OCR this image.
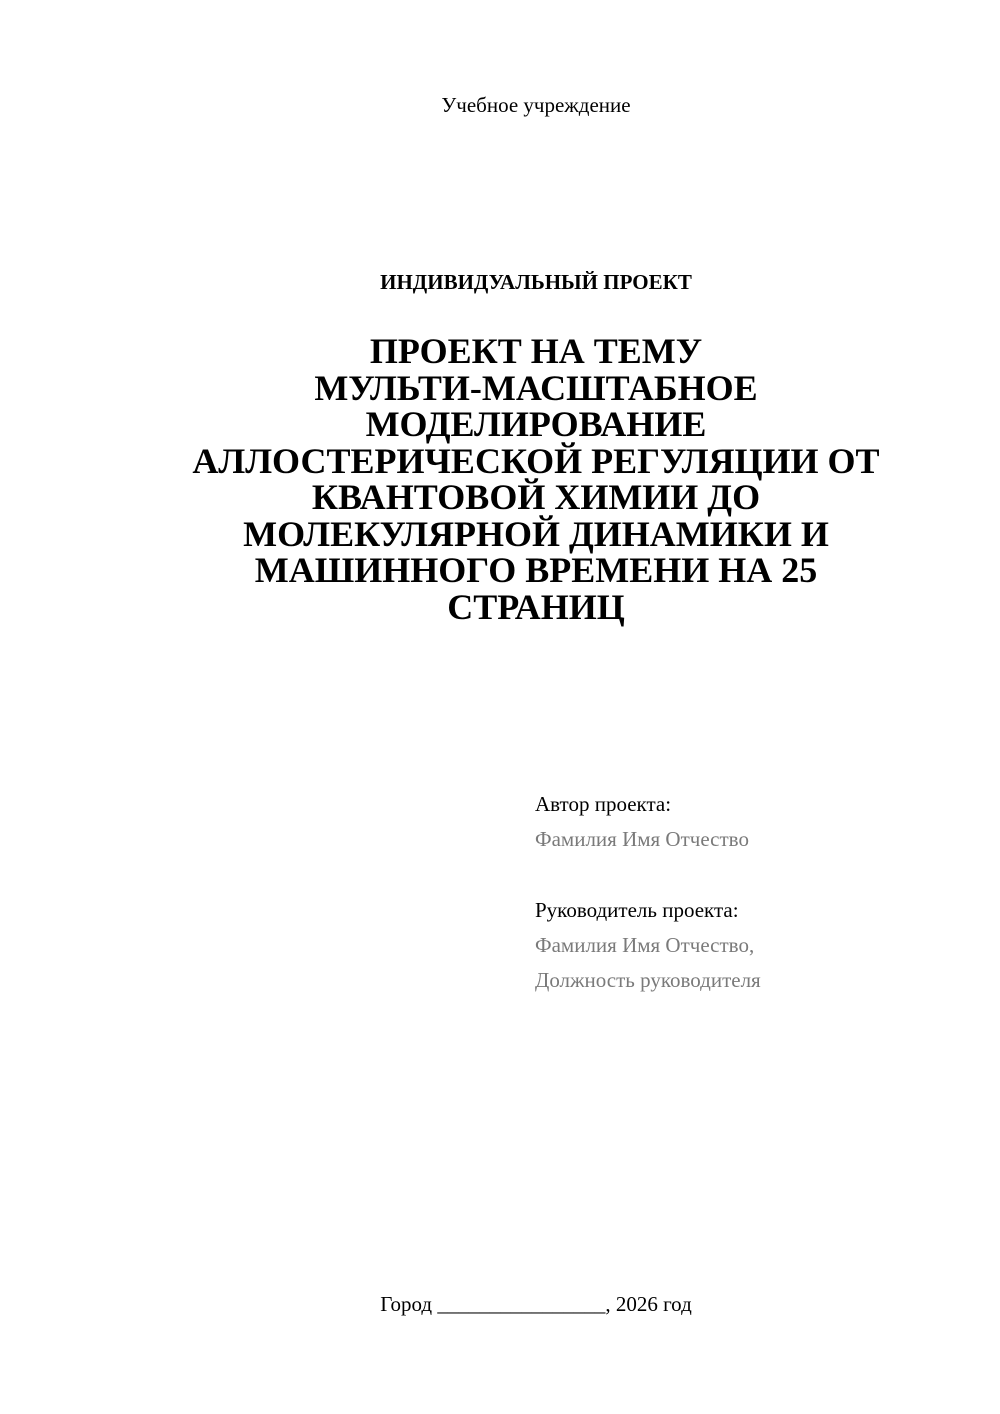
Учебное учреждение
ИНДИВИДУАЛЬНЫЙ ПРОЕКТ
ПРОЕКТ НА ТЕМУ
МУЛЬТИ-МАСШТАБНОЕ
МОДЕЛИРОВАНИЕ
АЛЛОСТЕРИЧЕСКОЙ РЕГУЛЯЦИИ ОТ
КВАНТОВОЙ ХИМИИ ДО
МОЛЕКУЛЯРНОЙ ДИНАМИКИ И
МАШИННОГО ВРЕМЕНИ НА 25
СТРАНИЦ
Автор проекта:
Фамилия Имя Отчество
Руководитель проекта:
Фамилия Имя Отчество,
Должность руководителя
Город ________________, 2026 год
